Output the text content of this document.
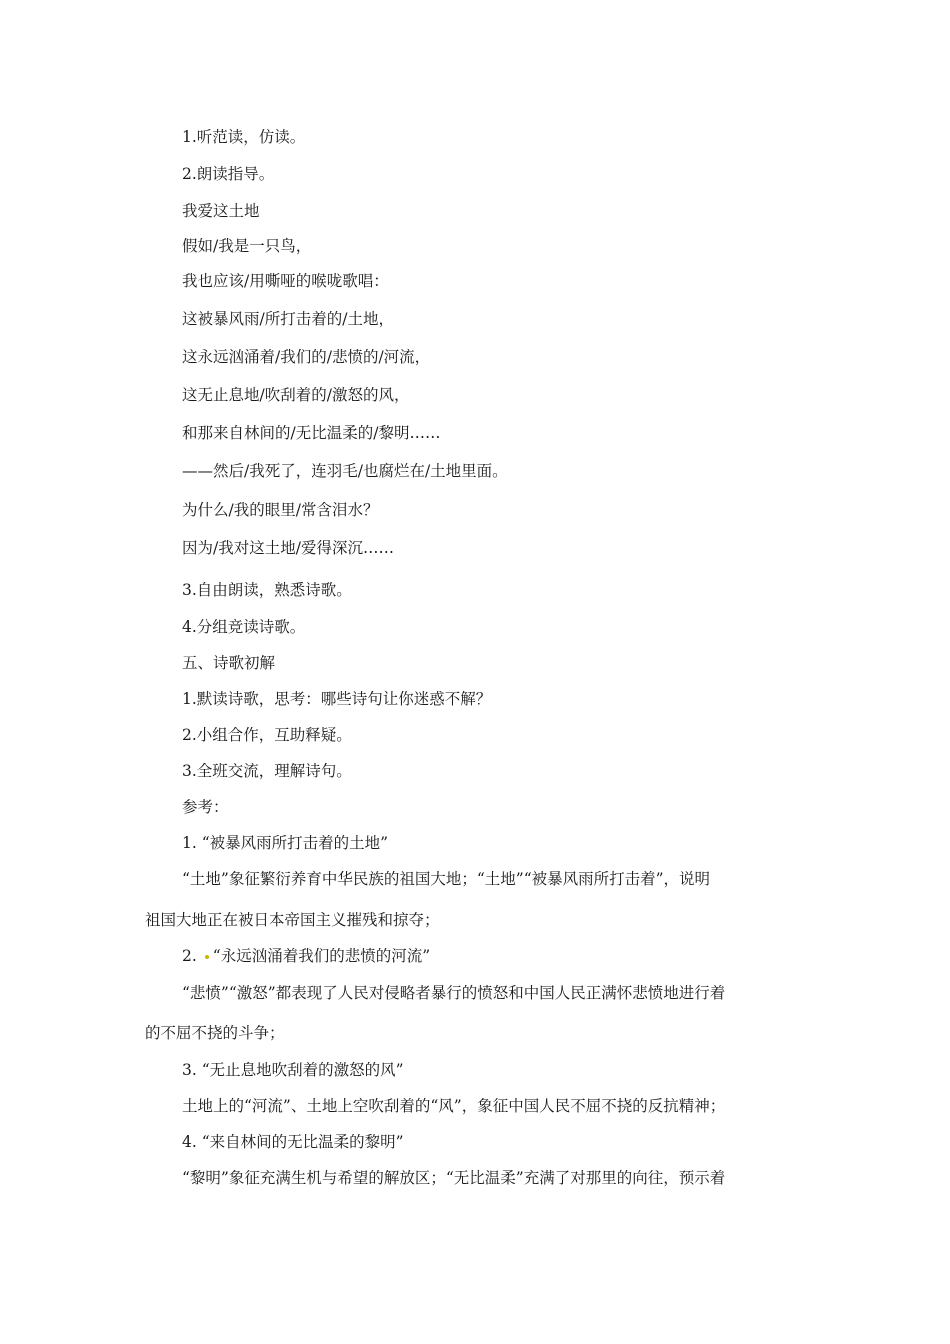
1.听范读，仿读。
2.朗读指导。
我爱这土地
假如/我是一只鸟，
我也应该/用嘶哑的喉咙歌唱：
这被暴风雨/所打击着的/土地，
这永远汹涌着/我们的/悲愤的/河流，
这无止息地/吹刮着的/激怒的风，
和那来自林间的/无比温柔的/黎明……
——然后/我死了，连羽毛/也腐烂在/土地里面。
为什么/我的眼里/常含泪水？
因为/我对这土地/爱得深沉……
3.自由朗读，熟悉诗歌。
4.分组竞读诗歌。
五、诗歌初解
1.默读诗歌，思考：哪些诗句让你迷惑不解？
2.小组合作，互助释疑。
3.全班交流，理解诗句。
参考：
1. “被暴风雨所打击着的土地”
“土地”象征繁衍养育中华民族的祖国大地；“土地”“被暴风雨所打击着”，说明
祖国大地正在被日本帝国主义摧残和掠夺；
2. “永远汹涌着我们的悲愤的河流”
“悲愤”“激怒”都表现了人民对侵略者暴行的愤怒和中国人民正满怀悲愤地进行着
的不屈不挠的斗争；
3. “无止息地吹刮着的激怒的风”
土地上的“河流”、土地上空吹刮着的“风”，象征中国人民不屈不挠的反抗精神；
4. “来自林间的无比温柔的黎明”
“黎明”象征充满生机与希望的解放区；“无比温柔”充满了对那里的向往，预示着
